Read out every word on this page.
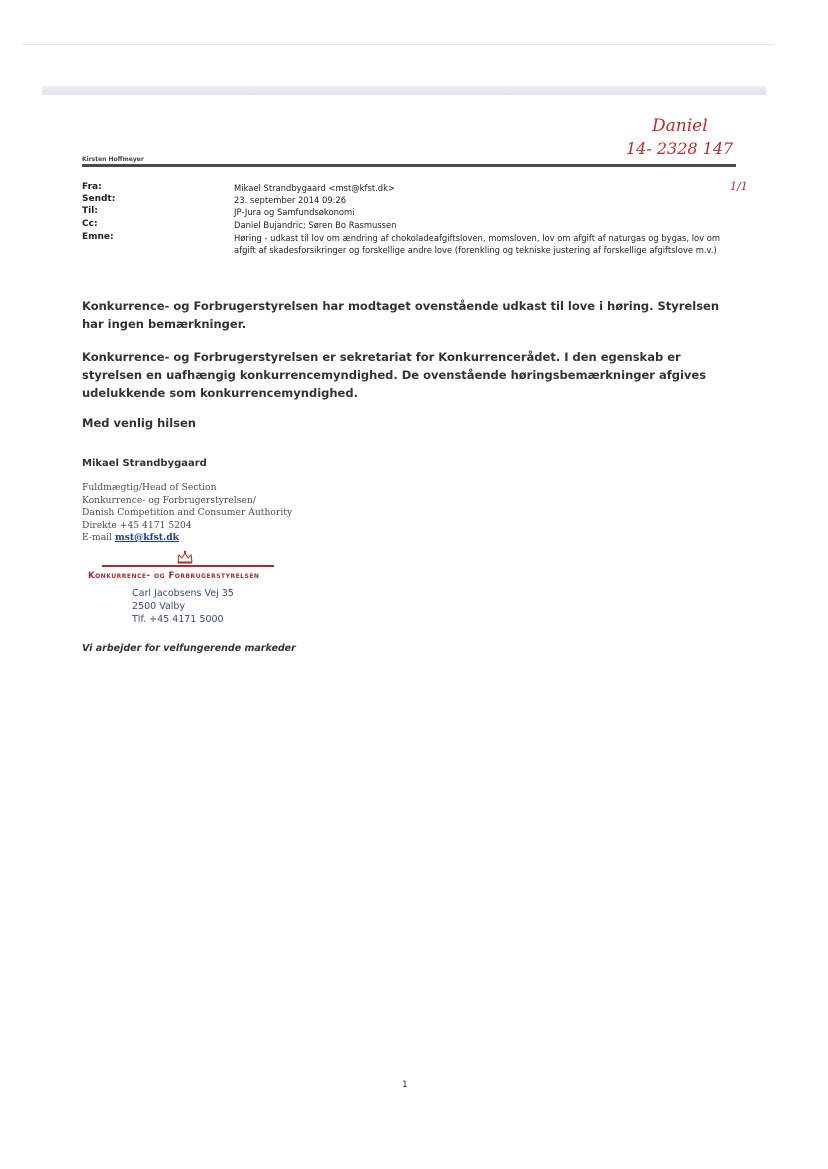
Daniel
14- 2328 147
1/1
Kirsten Hoffmeyer
Fra:	Mikael Strandbygaard <mst@kfst.dk>
Sendt:	23. september 2014 09:26
Til:	JP-Jura og Samfundsøkonomi
Cc:	Daniel Bujandric; Søren Bo Rasmussen
Emne:	Høring - udkast til lov om ændring af chokoladeafgiftsloven, momsloven, lov om afgift af naturgas og bygas, lov om afgift af skadesforsikringer og forskellige andre love (forenkling og tekniske justering af forskellige afgiftslove m.v.)
Konkurrence- og Forbrugerstyrelsen har modtaget ovenstående udkast til love i høring. Styrelsen har ingen bemærkninger.
Konkurrence- og Forbrugerstyrelsen er sekretariat for Konkurrencerådet. I den egenskab er styrelsen en uafhængig konkurrencemyndighed. De ovenstående høringsbemærkninger afgives udelukkende som konkurrencemyndighed.
Med venlig hilsen
Mikael Strandbygaard
Fuldmægtig/Head of Section
Konkurrence- og Forbrugerstyrelsen/
Danish Competition and Consumer Authority
Direkte +45 4171 5204
E-mail mst@kfst.dk
Konkurrence- og Forbrugerstyrelsen
Carl Jacobsens Vej 35
2500 Valby
Tlf. +45 4171 5000
Vi arbejder for velfungerende markeder
1
